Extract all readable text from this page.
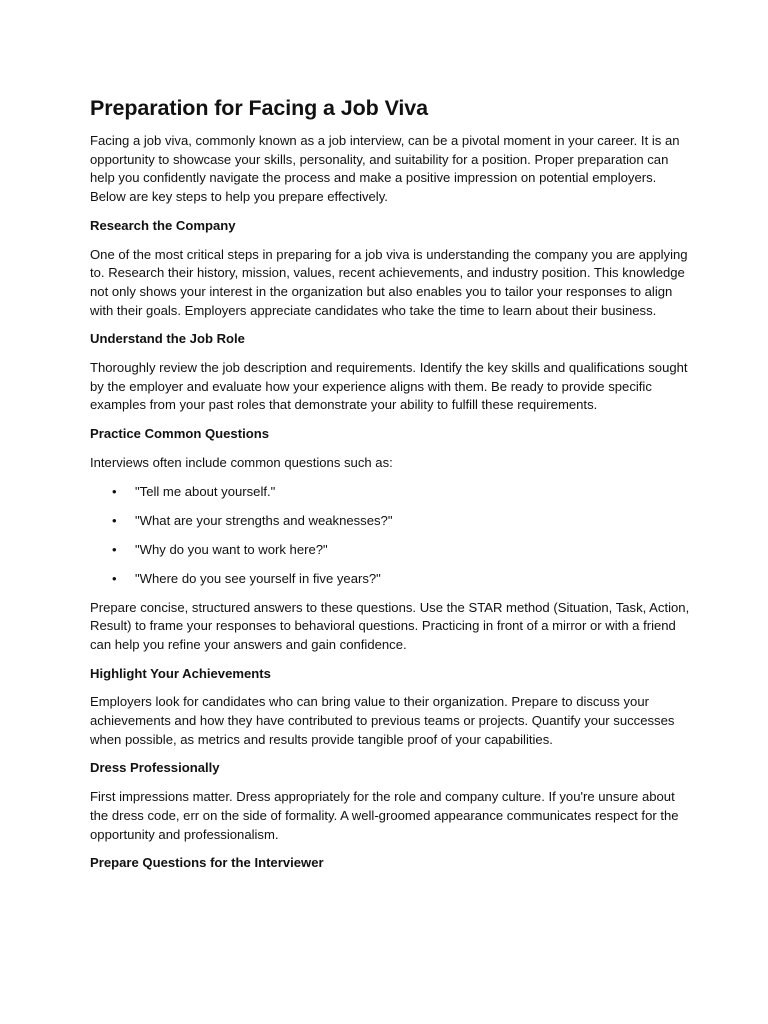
Preparation for Facing a Job Viva

Facing a job viva, commonly known as a job interview, can be a pivotal moment in your career. It is an opportunity to showcase your skills, personality, and suitability for a position. Proper preparation can help you confidently navigate the process and make a positive impression on potential employers. Below are key steps to help you prepare effectively.

Research the Company

One of the most critical steps in preparing for a job viva is understanding the company you are applying to. Research their history, mission, values, recent achievements, and industry position. This knowledge not only shows your interest in the organization but also enables you to tailor your responses to align with their goals. Employers appreciate candidates who take the time to learn about their business.

Understand the Job Role

Thoroughly review the job description and requirements. Identify the key skills and qualifications sought by the employer and evaluate how your experience aligns with them. Be ready to provide specific examples from your past roles that demonstrate your ability to fulfill these requirements.

Practice Common Questions

Interviews often include common questions such as:

• "Tell me about yourself."
• "What are your strengths and weaknesses?"
• "Why do you want to work here?"
• "Where do you see yourself in five years?"

Prepare concise, structured answers to these questions. Use the STAR method (Situation, Task, Action, Result) to frame your responses to behavioral questions. Practicing in front of a mirror or with a friend can help you refine your answers and gain confidence.

Highlight Your Achievements

Employers look for candidates who can bring value to their organization. Prepare to discuss your achievements and how they have contributed to previous teams or projects. Quantify your successes when possible, as metrics and results provide tangible proof of your capabilities.

Dress Professionally

First impressions matter. Dress appropriately for the role and company culture. If you're unsure about the dress code, err on the side of formality. A well-groomed appearance communicates respect for the opportunity and professionalism.

Prepare Questions for the Interviewer
